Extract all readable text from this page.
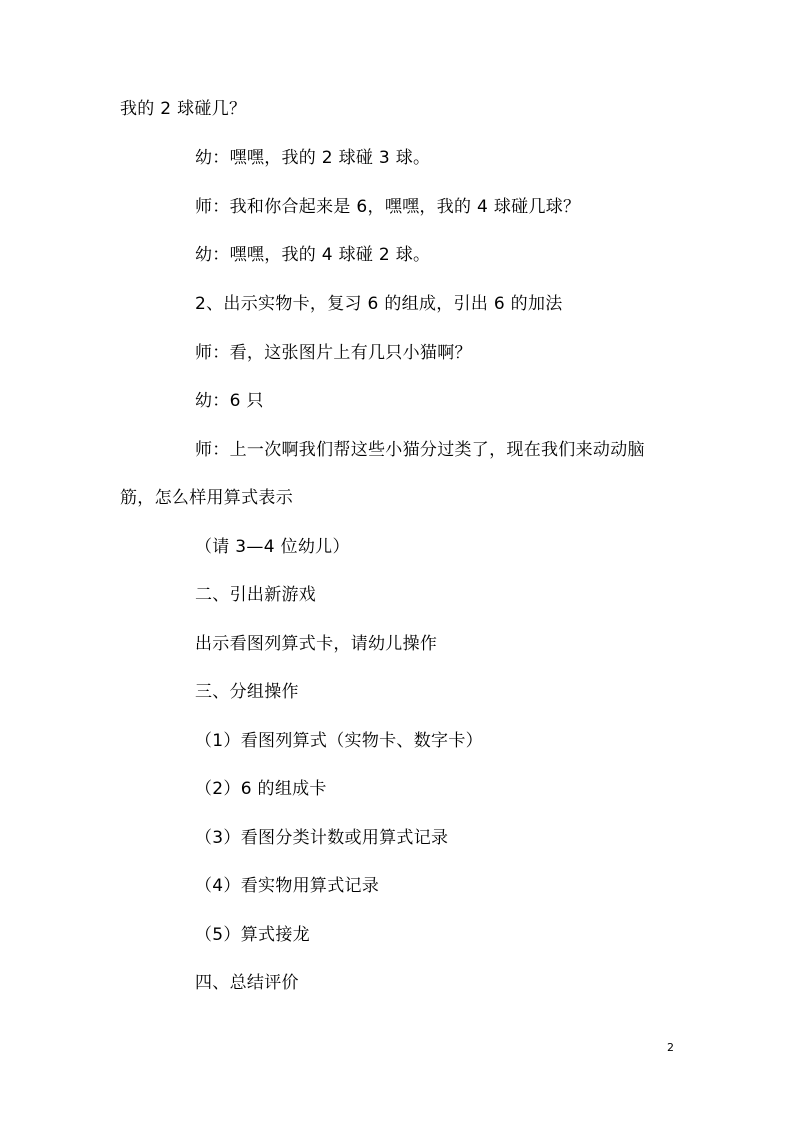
我的 2 球碰几？
幼：嘿嘿，我的 2 球碰 3 球。
师：我和你合起来是 6，嘿嘿，我的 4 球碰几球？
幼：嘿嘿，我的 4 球碰 2 球。
2、出示实物卡，复习 6 的组成，引出 6 的加法
师：看，这张图片上有几只小猫啊？
幼：6 只
师：上一次啊我们帮这些小猫分过类了，现在我们来动动脑
筋，怎么样用算式表示
（请 3—4 位幼儿）
二、引出新游戏
出示看图列算式卡，请幼儿操作
三、分组操作
（1）看图列算式（实物卡、数字卡）
（2）6 的组成卡
（3）看图分类计数或用算式记录
（4）看实物用算式记录
（5）算式接龙
四、总结评价
2
